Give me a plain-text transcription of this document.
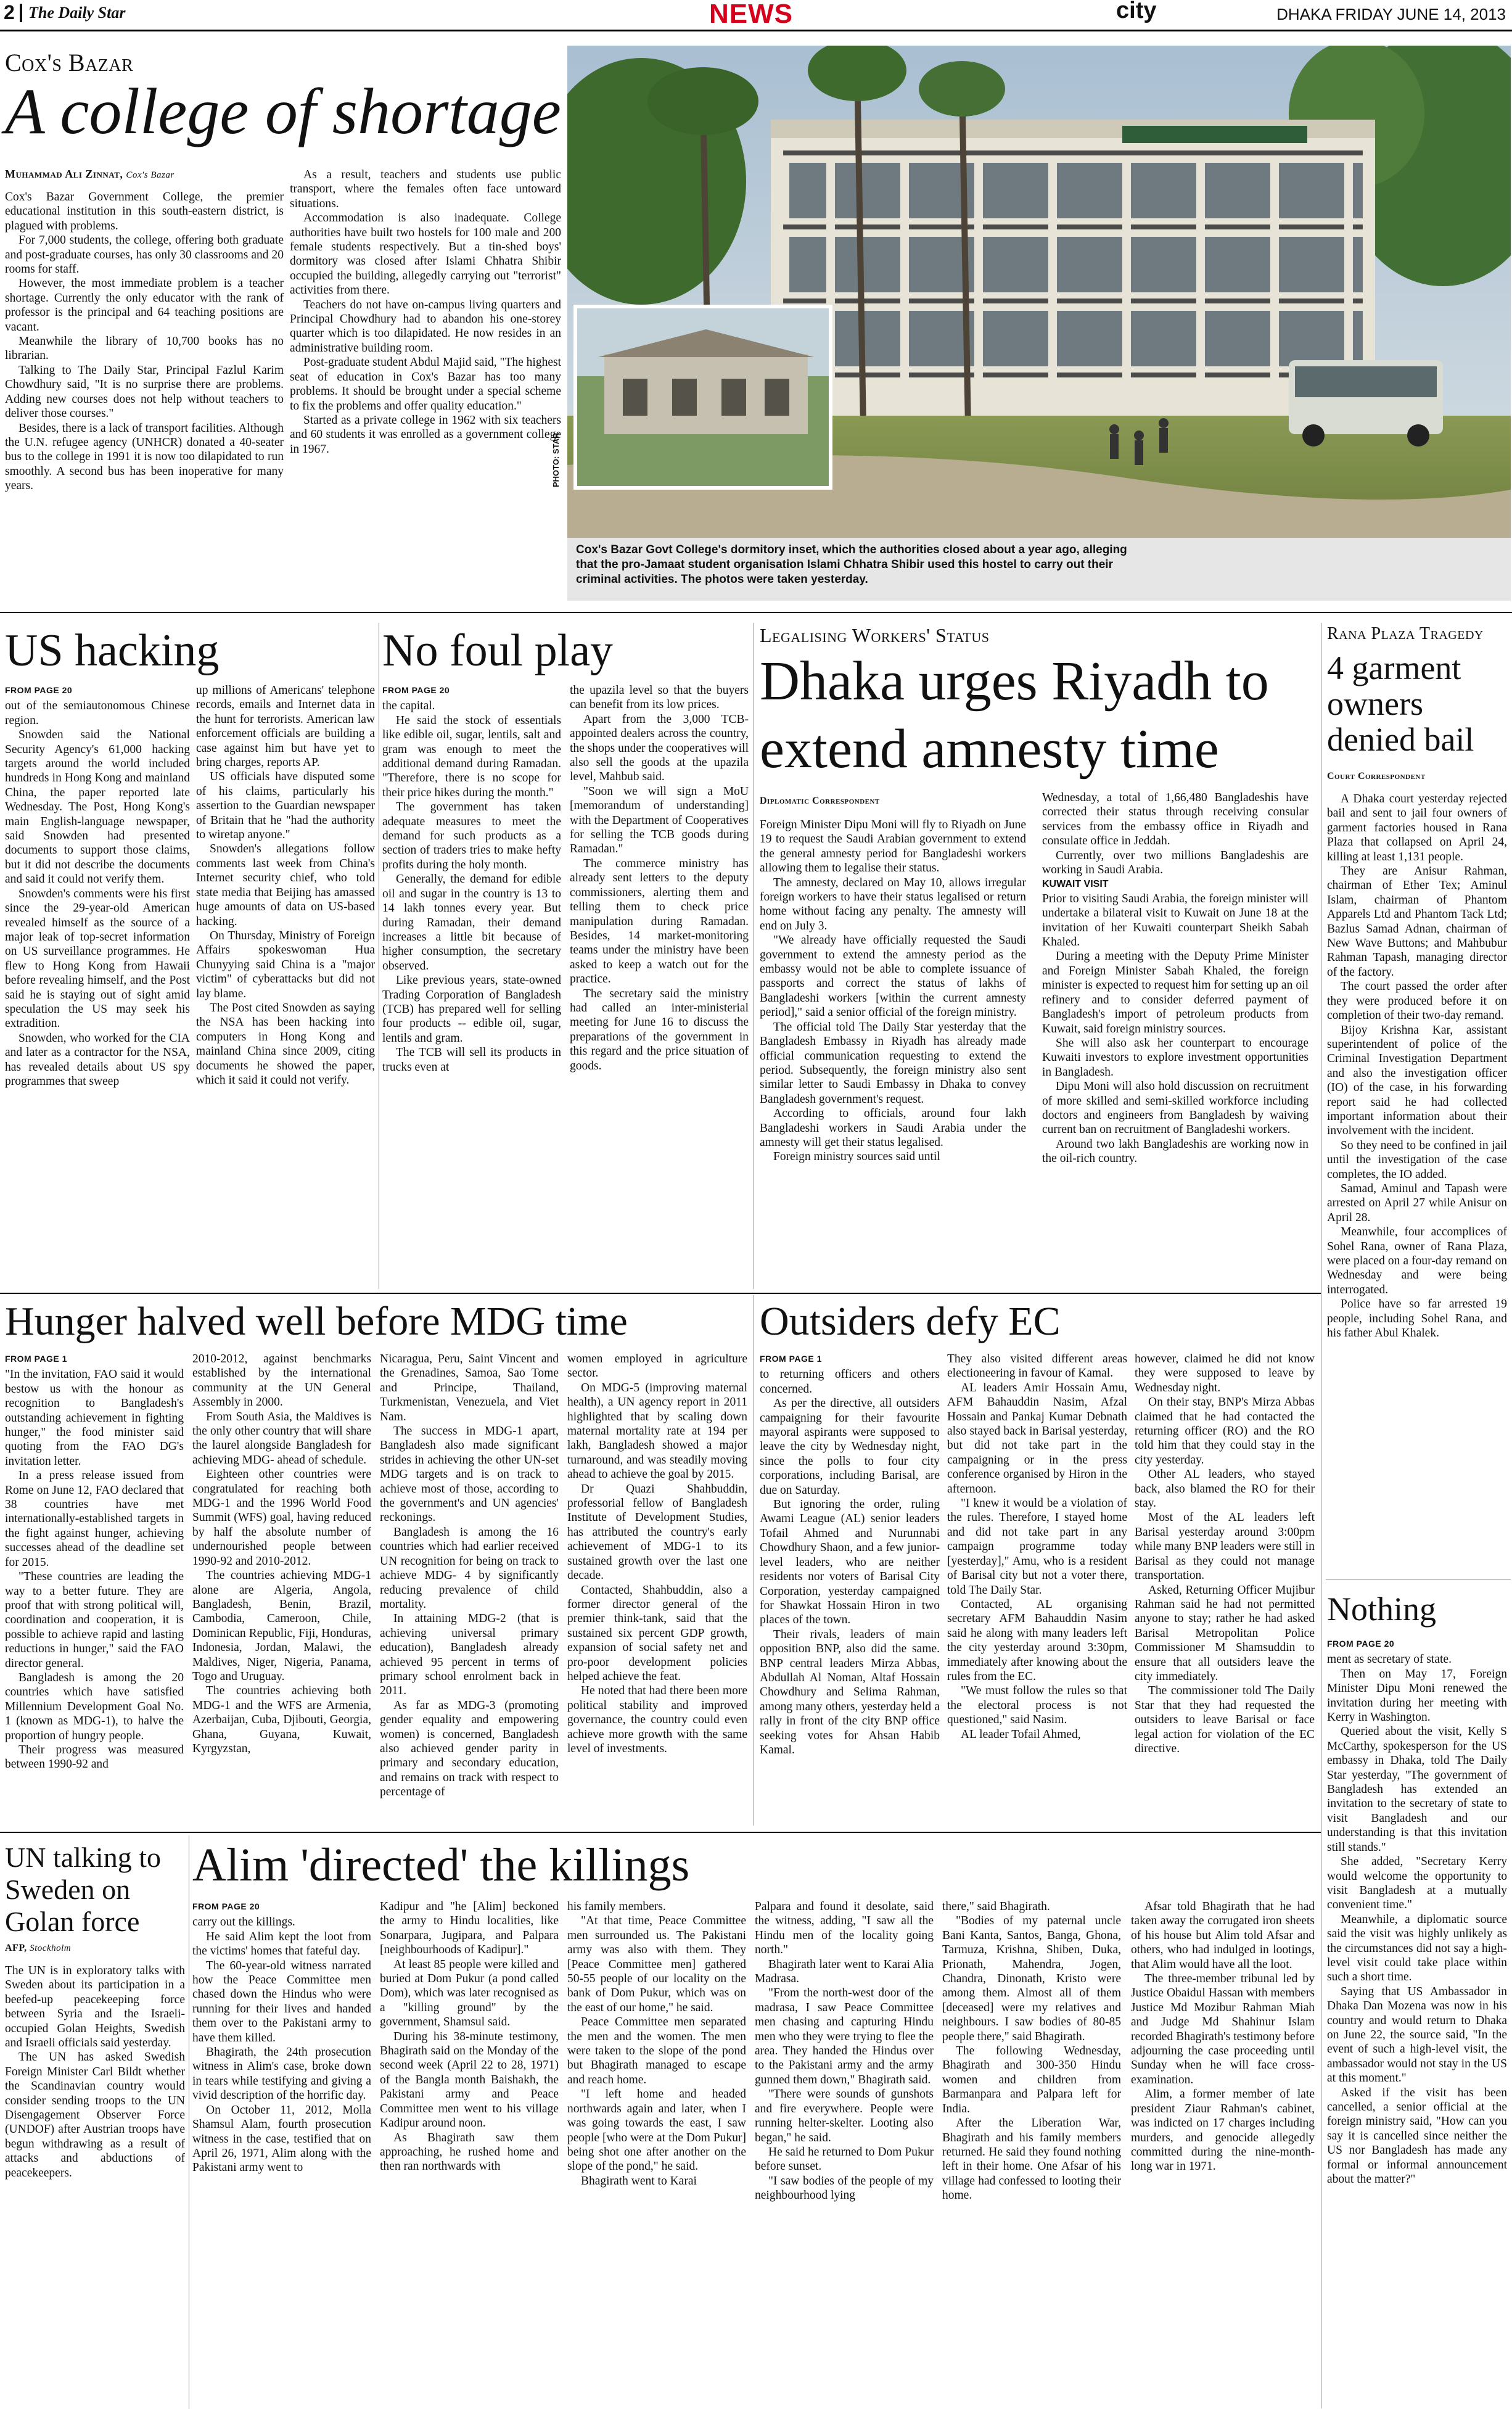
2 The Daily Star	NEWS	city	DHAKA FRIDAY JUNE 14, 2013
Cox's Bazar
A college of shortage
Muhammad Ali Zinnat, Cox's Bazar

Cox's Bazar Government College, the premier educational institution in this south-eastern district, is plagued with problems.

For 7,000 students, the college, offering both graduate and post-graduate courses, has only 30 classrooms and 20 rooms for staff.

However, the most immediate problem is a teacher shortage. Currently the only educator with the rank of professor is the principal and 64 teaching positions are vacant.

Meanwhile the library of 10,700 books has no librarian.

Talking to The Daily Star, Principal Fazlul Karim Chowdhury said, "It is no surprise there are problems. Adding new courses does not help without teachers to deliver those courses."

Besides, there is a lack of transport facilities. Although the U.N. refugee agency (UNHCR) donated a 40-seater bus to the college in 1991 it is now too dilapidated to run smoothly. A second bus has been inoperative for many years.

As a result, teachers and students use public transport, where the females often face untoward situations.

Accommodation is also inadequate. College authorities have built two hostels for 100 male and 200 female students respectively. But a tin-shed boys' dormitory was closed after Islami Chhatra Shibir occupied the building, allegedly carrying out "terrorist" activities from there.

Teachers do not have on-campus living quarters and Principal Chowdhury had to abandon his one-storey quarter which is too dilapidated. He now resides in an administrative building room.

Post-graduate student Abdul Majid said, "The highest seat of education in Cox's Bazar has too many problems. It should be brought under a special scheme to fix the problems and offer quality education."

Started as a private college in 1962 with six teachers and 60 students it was enrolled as a government college in 1967.	PHOTO: STAR
Cox's Bazar Govt College's dormitory inset, which the authorities closed about a year ago, alleging that the pro-Jamaat student organisation Islami Chhatra Shibir used this hostel to carry out their criminal activities. The photos were taken yesterday.
US hacking
FROM PAGE 20

out of the semiautonomous Chinese region.

Snowden said the National Security Agency's 61,000 hacking targets around the world included hundreds in Hong Kong and mainland China, the paper reported late Wednesday. The Post, Hong Kong's main English-language newspaper, said Snowden had presented documents to support those claims, but it did not describe the documents and said it could not verify them.

Snowden's comments were his first since the 29-year-old American revealed himself as the source of a major leak of top-secret information on US surveillance programmes. He flew to Hong Kong from Hawaii before revealing himself, and the Post said he is staying out of sight amid speculation the US may seek his extradition.

Snowden, who worked for the CIA and later as a contractor for the NSA, has revealed details about US spy programmes that sweep

up millions of Americans' telephone records, emails and Internet data in the hunt for terrorists. American law enforcement officials are building a case against him but have yet to bring charges, reports AP.

US officials have disputed some of his claims, particularly his assertion to the Guardian newspaper of Britain that he "had the authority to wiretap anyone."

Snowden's allegations follow comments last week from China's Internet security chief, who told state media that Beijing has amassed huge amounts of data on US-based hacking.

On Thursday, Ministry of Foreign Affairs spokeswoman Hua Chunyying said China is a "major victim" of cyberattacks but did not lay blame.

The Post cited Snowden as saying the NSA has been hacking into computers in Hong Kong and mainland China since 2009, citing documents he showed the paper, which it said it could not verify.

No foul play
FROM PAGE 20

the capital.

He said the stock of essentials like edible oil, sugar, lentils, salt and gram was enough to meet the additional demand during Ramadan. "Therefore, there is no scope for their price hikes during the month."

The government has taken adequate measures to meet the demand for such products as a section of traders tries to make hefty profits during the holy month.

Generally, the demand for edible oil and sugar in the country is 13 to 14 lakh tonnes every year. But during Ramadan, their demand increases a little bit because of higher consumption, the secretary observed.

Like previous years, state-owned Trading Corporation of Bangladesh (TCB) has prepared well for selling four products -- edible oil, sugar, lentils and gram.

The TCB will sell its products in trucks even at

the upazila level so that the buyers can benefit from its low prices.

Apart from the 3,000 TCB-appointed dealers across the country, the shops under the cooperatives will also sell the goods at the upazila level, Mahbub said.

"Soon we will sign a MoU [memorandum of understanding] with the Department of Cooperatives for selling the TCB goods during Ramadan."

The commerce ministry has already sent letters to the deputy commissioners, alerting them and telling them to check price manipulation during Ramadan. Besides, 14 market-monitoring teams under the ministry have been asked to keep a watch out for the practice.

The secretary said the ministry had called an inter-ministerial meeting for June 16 to discuss the preparations of the government in this regard and the price situation of goods.

Legalising Workers' Status
Dhaka urges Riyadh to
extend amnesty time
Diplomatic Correspondent

Foreign Minister Dipu Moni will fly to Riyadh on June 19 to request the Saudi Arabian government to extend the general amnesty period for Bangladeshi workers allowing them to legalise their status.

The amnesty, declared on May 10, allows irregular foreign workers to have their status legalised or return home without facing any penalty. The amnesty will end on July 3.

"We already have officially requested the Saudi government to extend the amnesty period as the embassy would not be able to complete issuance of passports and correct the status of lakhs of Bangladeshi workers [within the current amnesty period]," said a senior official of the foreign ministry.

The official told The Daily Star yesterday that the Bangladesh Embassy in Riyadh has already made official communication requesting to extend the period. Subsequently, the foreign ministry also sent similar letter to Saudi Embassy in Dhaka to convey Bangladesh government's request.

According to officials, around four lakh Bangladeshi workers in Saudi Arabia under the amnesty will get their status legalised.

Foreign ministry sources said until

Wednesday, a total of 1,66,480 Bangladeshis have corrected their status through receiving consular services from the embassy office in Riyadh and consulate office in Jeddah.

Currently, over two millions Bangladeshis are working in Saudi Arabia.

KUWAIT VISIT

Prior to visiting Saudi Arabia, the foreign minister will undertake a bilateral visit to Kuwait on June 18 at the invitation of her Kuwaiti counterpart Sheikh Sabah Khaled.

During a meeting with the Deputy Prime Minister and Foreign Minister Sabah Khaled, the foreign minister is expected to request him for setting up an oil refinery and to consider deferred payment of Bangladesh's import of petroleum products from Kuwait, said foreign ministry sources.

She will also ask her counterpart to encourage Kuwaiti investors to explore investment opportunities in Bangladesh.

Dipu Moni will also hold discussion on recruitment of more skilled and semi-skilled workforce including doctors and engineers from Bangladesh by waiving current ban on recruitment of Bangladeshi workers.

Around two lakh Bangladeshis are working now in the oil-rich country.

Rana Plaza Tragedy
4 garment owners denied bail
Court Correspondent

A Dhaka court yesterday rejected bail and sent to jail four owners of garment factories housed in Rana Plaza that collapsed on April 24, killing at least 1,131 people.

They are Anisur Rahman, chairman of Ether Tex; Aminul Islam, chairman of Phantom Apparels Ltd and Phantom Tack Ltd; Bazlus Samad Adnan, chairman of New Wave Buttons; and Mahbubur Rahman Tapash, managing director of the factory.

The court passed the order after they were produced before it on completion of their two-day remand.

Bijoy Krishna Kar, assistant superintendent of police of the Criminal Investigation Department and also the investigation officer (IO) of the case, in his forwarding report said he had collected important information about their involvement with the incident.

So they need to be confined in jail until the investigation of the case completes, the IO added.

Samad, Aminul and Tapash were arrested on April 27 while Anisur on April 28.

Meanwhile, four accomplices of Sohel Rana, owner of Rana Plaza, were placed on a four-day remand on Wednesday and were being interrogated.

Police have so far arrested 19 people, including Sohel Rana, and his father Abul Khalek.

Nothing
FROM PAGE 20

ment as secretary of state.

Then on May 17, Foreign Minister Dipu Moni renewed the invitation during her meeting with Kerry in Washington.

Queried about the visit, Kelly S McCarthy, spokesperson for the US embassy in Dhaka, told The Daily Star yesterday, "The government of Bangladesh has extended an invitation to the secretary of state to visit Bangladesh and our understanding is that this invitation still stands."

She added, "Secretary Kerry would welcome the opportunity to visit Bangladesh at a mutually convenient time."

Meanwhile, a diplomatic source said the visit was highly unlikely as the circumstances did not say a high-level visit could take place within such a short time.

Saying that US Ambassador in Dhaka Dan Mozena was now in his country and would return to Dhaka on June 22, the source said, "In the event of such a high-level visit, the ambassador would not stay in the US at this moment."

Asked if the visit has been cancelled, a senior official at the foreign ministry said, "How can you say it is cancelled since neither the US nor Bangladesh has made any formal or informal announcement about the matter?"

Hunger halved well before MDG time
FROM PAGE 1

"In the invitation, FAO said it would bestow us with the honour as recognition to Bangladesh's outstanding achievement in fighting hunger," the food minister said quoting from the FAO DG's invitation letter.

In a press release issued from Rome on June 12, FAO declared that 38 countries have met internationally-established targets in the fight against hunger, achieving successes ahead of the deadline set for 2015.

"These countries are leading the way to a better future. They are proof that with strong political will, coordination and cooperation, it is possible to achieve rapid and lasting reductions in hunger," said the FAO director general.

Bangladesh is among the 20 countries which have satisfied Millennium Development Goal No. 1 (known as MDG-1), to halve the proportion of hungry people.

Their progress was measured between 1990-92 and

2010-2012, against benchmarks established by the international community at the UN General Assembly in 2000.

From South Asia, the Maldives is the only other country that will share the laurel alongside Bangladesh for achieving MDG- ahead of schedule.

Eighteen other countries were congratulated for reaching both MDG-1 and the 1996 World Food Summit (WFS) goal, having reduced by half the absolute number of undernourished people between 1990-92 and 2010-2012.

The countries achieving MDG-1 alone are Algeria, Angola, Bangladesh, Benin, Brazil, Cambodia, Cameroon, Chile, Dominican Republic, Fiji, Honduras, Indonesia, Jordan, Malawi, the Maldives, Niger, Nigeria, Panama, Togo and Uruguay.

The countries achieving both MDG-1 and the WFS are Armenia, Azerbaijan, Cuba, Djibouti, Georgia, Ghana, Guyana, Kuwait, Kyrgyzstan,

Nicaragua, Peru, Saint Vincent and the Grenadines, Samoa, Sao Tome and Principe, Thailand, Turkmenistan, Venezuela, and Viet Nam.

The success in MDG-1 apart, Bangladesh also made significant strides in achieving the other UN-set MDG targets and is on track to achieve most of those, according to the government's and UN agencies' reckonings.

Bangladesh is among the 16 countries which had earlier received UN recognition for being on track to achieve MDG- 4 by significantly reducing prevalence of child mortality.

In attaining MDG-2 (that is achieving universal primary education), Bangladesh already achieved 95 percent in terms of primary school enrolment back in 2011.

As far as MDG-3 (promoting gender equality and empowering women) is concerned, Bangladesh also achieved gender parity in primary and secondary education, and remains on track with respect to percentage of

women employed in agriculture sector.

On MDG-5 (improving maternal health), a UN agency report in 2011 highlighted that by scaling down maternal mortality rate at 194 per lakh, Bangladesh showed a major turnaround, and was steadily moving ahead to achieve the goal by 2015.

Dr Quazi Shahbuddin, professorial fellow of Bangladesh Institute of Development Studies, has attributed the country's early achievement of MDG-1 to its sustained growth over the last one decade.

Contacted, Shahbuddin, also a former director general of the premier think-tank, said that the sustained six percent GDP growth, expansion of social safety net and pro-poor development policies helped achieve the feat.

He noted that had there been more political stability and improved governance, the country could even achieve more growth with the same level of investments.

Outsiders defy EC
FROM PAGE 1

to returning officers and others concerned.

As per the directive, all outsiders campaigning for their favourite mayoral aspirants were supposed to leave the city by Wednesday night, since the polls to four city corporations, including Barisal, are due on Saturday.

But ignoring the order, ruling Awami League (AL) senior leaders Tofail Ahmed and Nurunnabi Chowdhury Shaon, and a few junior-level leaders, who are neither residents nor voters of Barisal City Corporation, yesterday campaigned for Shawkat Hossain Hiron in two places of the town.

Their rivals, leaders of main opposition BNP, also did the same. BNP central leaders Mirza Abbas, Abdullah Al Noman, Altaf Hossain Chowdhury and Selima Rahman, among many others, yesterday held a rally in front of the city BNP office seeking votes for Ahsan Habib Kamal.

They also visited different areas electioneering in favour of Kamal.

AL leaders Amir Hossain Amu, AFM Bahauddin Nasim, Afzal Hossain and Pankaj Kumar Debnath also stayed back in Barisal yesterday, but did not take part in the campaigning or in the press conference organised by Hiron in the afternoon.

"I knew it would be a violation of the rules. Therefore, I stayed home and did not take part in any campaign programme today [yesterday]," Amu, who is a resident of Barisal city but not a voter there, told The Daily Star.

Contacted, AL organising secretary AFM Bahauddin Nasim said he along with many leaders left the city yesterday around 3:30pm, immediately after knowing about the rules from the EC.

"We must follow the rules so that the electoral process is not questioned," said Nasim.

AL leader Tofail Ahmed,

however, claimed he did not know they were supposed to leave by Wednesday night.

On their stay, BNP's Mirza Abbas claimed that he had contacted the returning officer (RO) and the RO told him that they could stay in the city yesterday.

Other AL leaders, who stayed back, also blamed the RO for their stay.

Most of the AL leaders left Barisal yesterday around 3:00pm while many BNP leaders were still in Barisal as they could not manage transportation.

Asked, Returning Officer Mujibur Rahman said he had not permitted anyone to stay; rather he had asked Barisal Metropolitan Police Commissioner M Shamsuddin to ensure that all outsiders leave the city immediately.

The commissioner told The Daily Star that they had requested the outsiders to leave Barisal or face legal action for violation of the EC directive.

UN talking to Sweden on Golan force
AFP, Stockholm

The UN is in exploratory talks with Sweden about its participation in a beefed-up peacekeeping force between Syria and the Israeli-occupied Golan Heights, Swedish and Israeli officials said yesterday.

The UN has asked Swedish Foreign Minister Carl Bildt whether the Scandinavian country would consider sending troops to the UN Disengagement Observer Force (UNDOF) after Austrian troops have begun withdrawing as a result of attacks and abductions of peacekeepers.

Alim 'directed' the killings
FROM PAGE 20

carry out the killings.

He said Alim kept the loot from the victims' homes that fateful day.

The 60-year-old witness narrated how the Peace Committee men chased down the Hindus who were running for their lives and handed them over to the Pakistani army to have them killed.

Bhagirath, the 24th prosecution witness in Alim's case, broke down in tears while testifying and giving a vivid description of the horrific day.

On October 11, 2012, Molla Shamsul Alam, fourth prosecution witness in the case, testified that on April 26, 1971, Alim along with the Pakistani army went to

Kadipur and "he [Alim] beckoned the army to Hindu localities, like Sonarpara, Jugipara, and Palpara [neighbourhoods of Kadipur]."

At least 85 people were killed and buried at Dom Pukur (a pond called Dom), which was later recognised as a "killing ground" by the government, Shamsul said.

During his 38-minute testimony, Bhagirath said on the Monday of the second week (April 22 to 28, 1971) of the Bangla month Baishakh, the Pakistani army and Peace Committee men went to his village Kadipur around noon.

As Bhagirath saw them approaching, he rushed home and then ran northwards with

his family members.

"At that time, Peace Committee men surrounded us. The Pakistani army was also with them. They [Peace Committee men] gathered 50-55 people of our locality on the bank of Dom Pukur, which was on the east of our home," he said.

Peace Committee men separated the men and the women. The men were taken to the slope of the pond but Bhagirath managed to escape and reach home.

"I left home and headed northwards again and later, when I was going towards the east, I saw people [who were at the Dom Pukur] being shot one after another on the slope of the pond," he said.

Bhagirath went to Karai

Palpara and found it desolate, said the witness, adding, "I saw all the Hindu men of the locality going north."

Bhagirath later went to Karai Alia Madrasa.

"From the north-west door of the madrasa, I saw Peace Committee men chasing and capturing Hindu men who they were trying to flee the area. They handed the Hindus over to the Pakistani army and the army gunned them down," Bhagirath said.

"There were sounds of gunshots and fire everywhere. People were running helter-skelter. Looting also began," he said.

He said he returned to Dom Pukur before sunset.

"I saw bodies of the people of my neighbourhood lying

there," said Bhagirath.

"Bodies of my paternal uncle Bani Kanta, Santos, Banga, Ghona, Tarmuza, Krishna, Shiben, Duka, Prionath, Mahendra, Jogen, Chandra, Dinonath, Kristo were among them. Almost all of them [deceased] were my relatives and neighbours. I saw bodies of 80-85 people there," said Bhagirath.

The following Wednesday, Bhagirath and 300-350 Hindu women and children from Barmanpara and Palpara left for India.

After the Liberation War, Bhagirath and his family members returned. He said they found nothing left in their home. One Afsar of his village had confessed to looting their home.

Afsar told Bhagirath that he had taken away the corrugated iron sheets of his house but Alim told Afsar and others, who had indulged in lootings, that Alim would have all the loot.

The three-member tribunal led by Justice Obaidul Hassan with members Justice Md Mozibur Rahman Miah and Judge Md Shahinur Islam recorded Bhagirath's testimony before adjourning the case proceeding until Sunday when he will face cross-examination.

Alim, a former member of late president Ziaur Rahman's cabinet, was indicted on 17 charges including murders, and genocide allegedly committed during the nine-month-long war in 1971.
